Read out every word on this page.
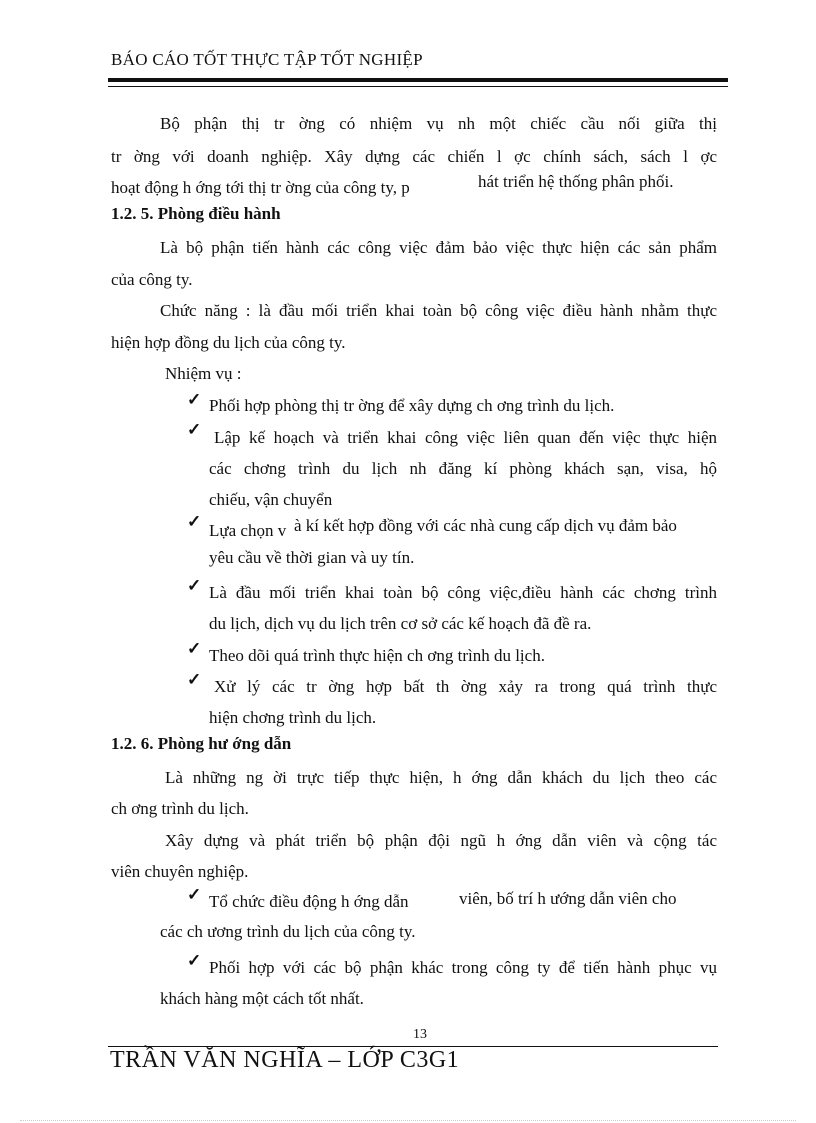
BÁO CÁO TỐT THỰC TẬP TỐT NGHIỆP
Bộ phận thị tr ờng có nhiệm vụ nh một chiếc cầu nối giữa thị
tr ờng với doanh nghiệp. Xây dựng các chiến l ợc chính sách, sách l ợc
hoạt động h ớng tới thị tr ờng của công ty, p	hát triển hệ thống phân phối.
1.2. 5. Phòng điều hành
Là bộ phận tiến hành các công việc đảm bảo việc thực hiện các sản phẩm
của công ty.
Chức năng : là đầu mối triển khai toàn bộ công việc điều hành nhằm thực
hiện hợp đồng du lịch của công ty.
Nhiệm vụ :
✓ Phối hợp phòng thị tr ờng để xây dựng ch ơng trình du lịch.
✓ Lập kế hoạch và triển khai công việc liên quan đến việc thực hiện
các chơng trình du lịch nh đăng kí phòng khách sạn, visa, hộ
chiếu, vận chuyển
✓ Lựa chọn v à kí kết hợp đồng với các nhà cung cấp dịch vụ đảm bảo
yêu cầu về thời gian và uy tín.
✓ Là đầu mối triển khai toàn bộ công việc,điều hành các chơng trình
du lịch, dịch vụ du lịch trên cơ sở các kế hoạch đã đề ra.
✓ Theo dõi quá trình thực hiện ch ơng trình du lịch.
✓ Xử lý các tr ờng hợp bất th ờng xảy ra trong quá trình thực
hiện chơng trình du lịch.
1.2. 6. Phòng hư ớng dẫn
Là những ng ời trực tiếp thực hiện, h ớng dẫn khách du lịch theo các
ch ơng trình du lịch.
Xây dựng và phát triển bộ phận đội ngũ h ớng dẫn viên và cộng tác
viên chuyên nghiệp.
✓ Tổ chức điều động h ớng dẫn	viên, bố trí h ướng dẫn viên cho
các ch ương trình du lịch của công ty.
✓ Phối hợp với các bộ phận khác trong công ty để tiến hành phục vụ
khách hàng một cách tốt nhất.
13
TRẦN VĂN NGHĨA – LỚP C3G1
